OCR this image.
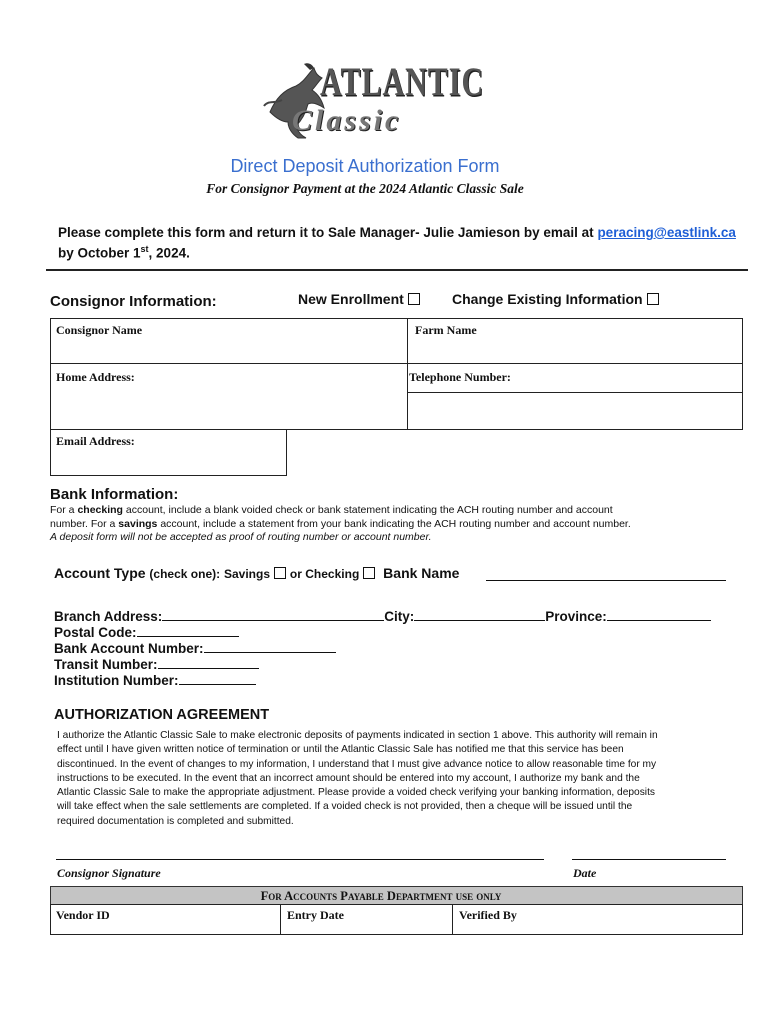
ATLANTIC
Classic
Direct Deposit Authorization Form
For Consignor Payment at the 2024 Atlantic Classic Sale
Please complete this form and return it to Sale Manager- Julie Jamieson by email at peracing@eastlink.ca
by October 1st, 2024.
Consignor Information:	New Enrollment	Change Existing Information
Consignor Name	Farm Name
Home Address:	Telephone Number:
Email Address:
Bank Information:
For a checking account, include a blank voided check or bank statement indicating the ACH routing number and account
number. For a savings account, include a statement from your bank indicating the ACH routing number and account number.
A deposit form will not be accepted as proof of routing number or account number.
Account Type (check one): Savings or Checking Bank Name
Branch Address:	City:	Province:
Postal Code:
Bank Account Number:
Transit Number:
Institution Number:
AUTHORIZATION AGREEMENT
I authorize the Atlantic Classic Sale to make electronic deposits of payments indicated in section 1 above. This authority will remain in
effect until I have given written notice of termination or until the Atlantic Classic Sale has notified me that this service has been
discontinued. In the event of changes to my information, I understand that I must give advance notice to allow reasonable time for my
instructions to be executed. In the event that an incorrect amount should be entered into my account, I authorize my bank and the
Atlantic Classic Sale to make the appropriate adjustment. Please provide a voided check verifying your banking information, deposits
will take effect when the sale settlements are completed. If a voided check is not provided, then a cheque will be issued until the
required documentation is completed and submitted.
Consignor Signature	Date
For Accounts Payable Department use only
Vendor ID	Entry Date	Verified By
